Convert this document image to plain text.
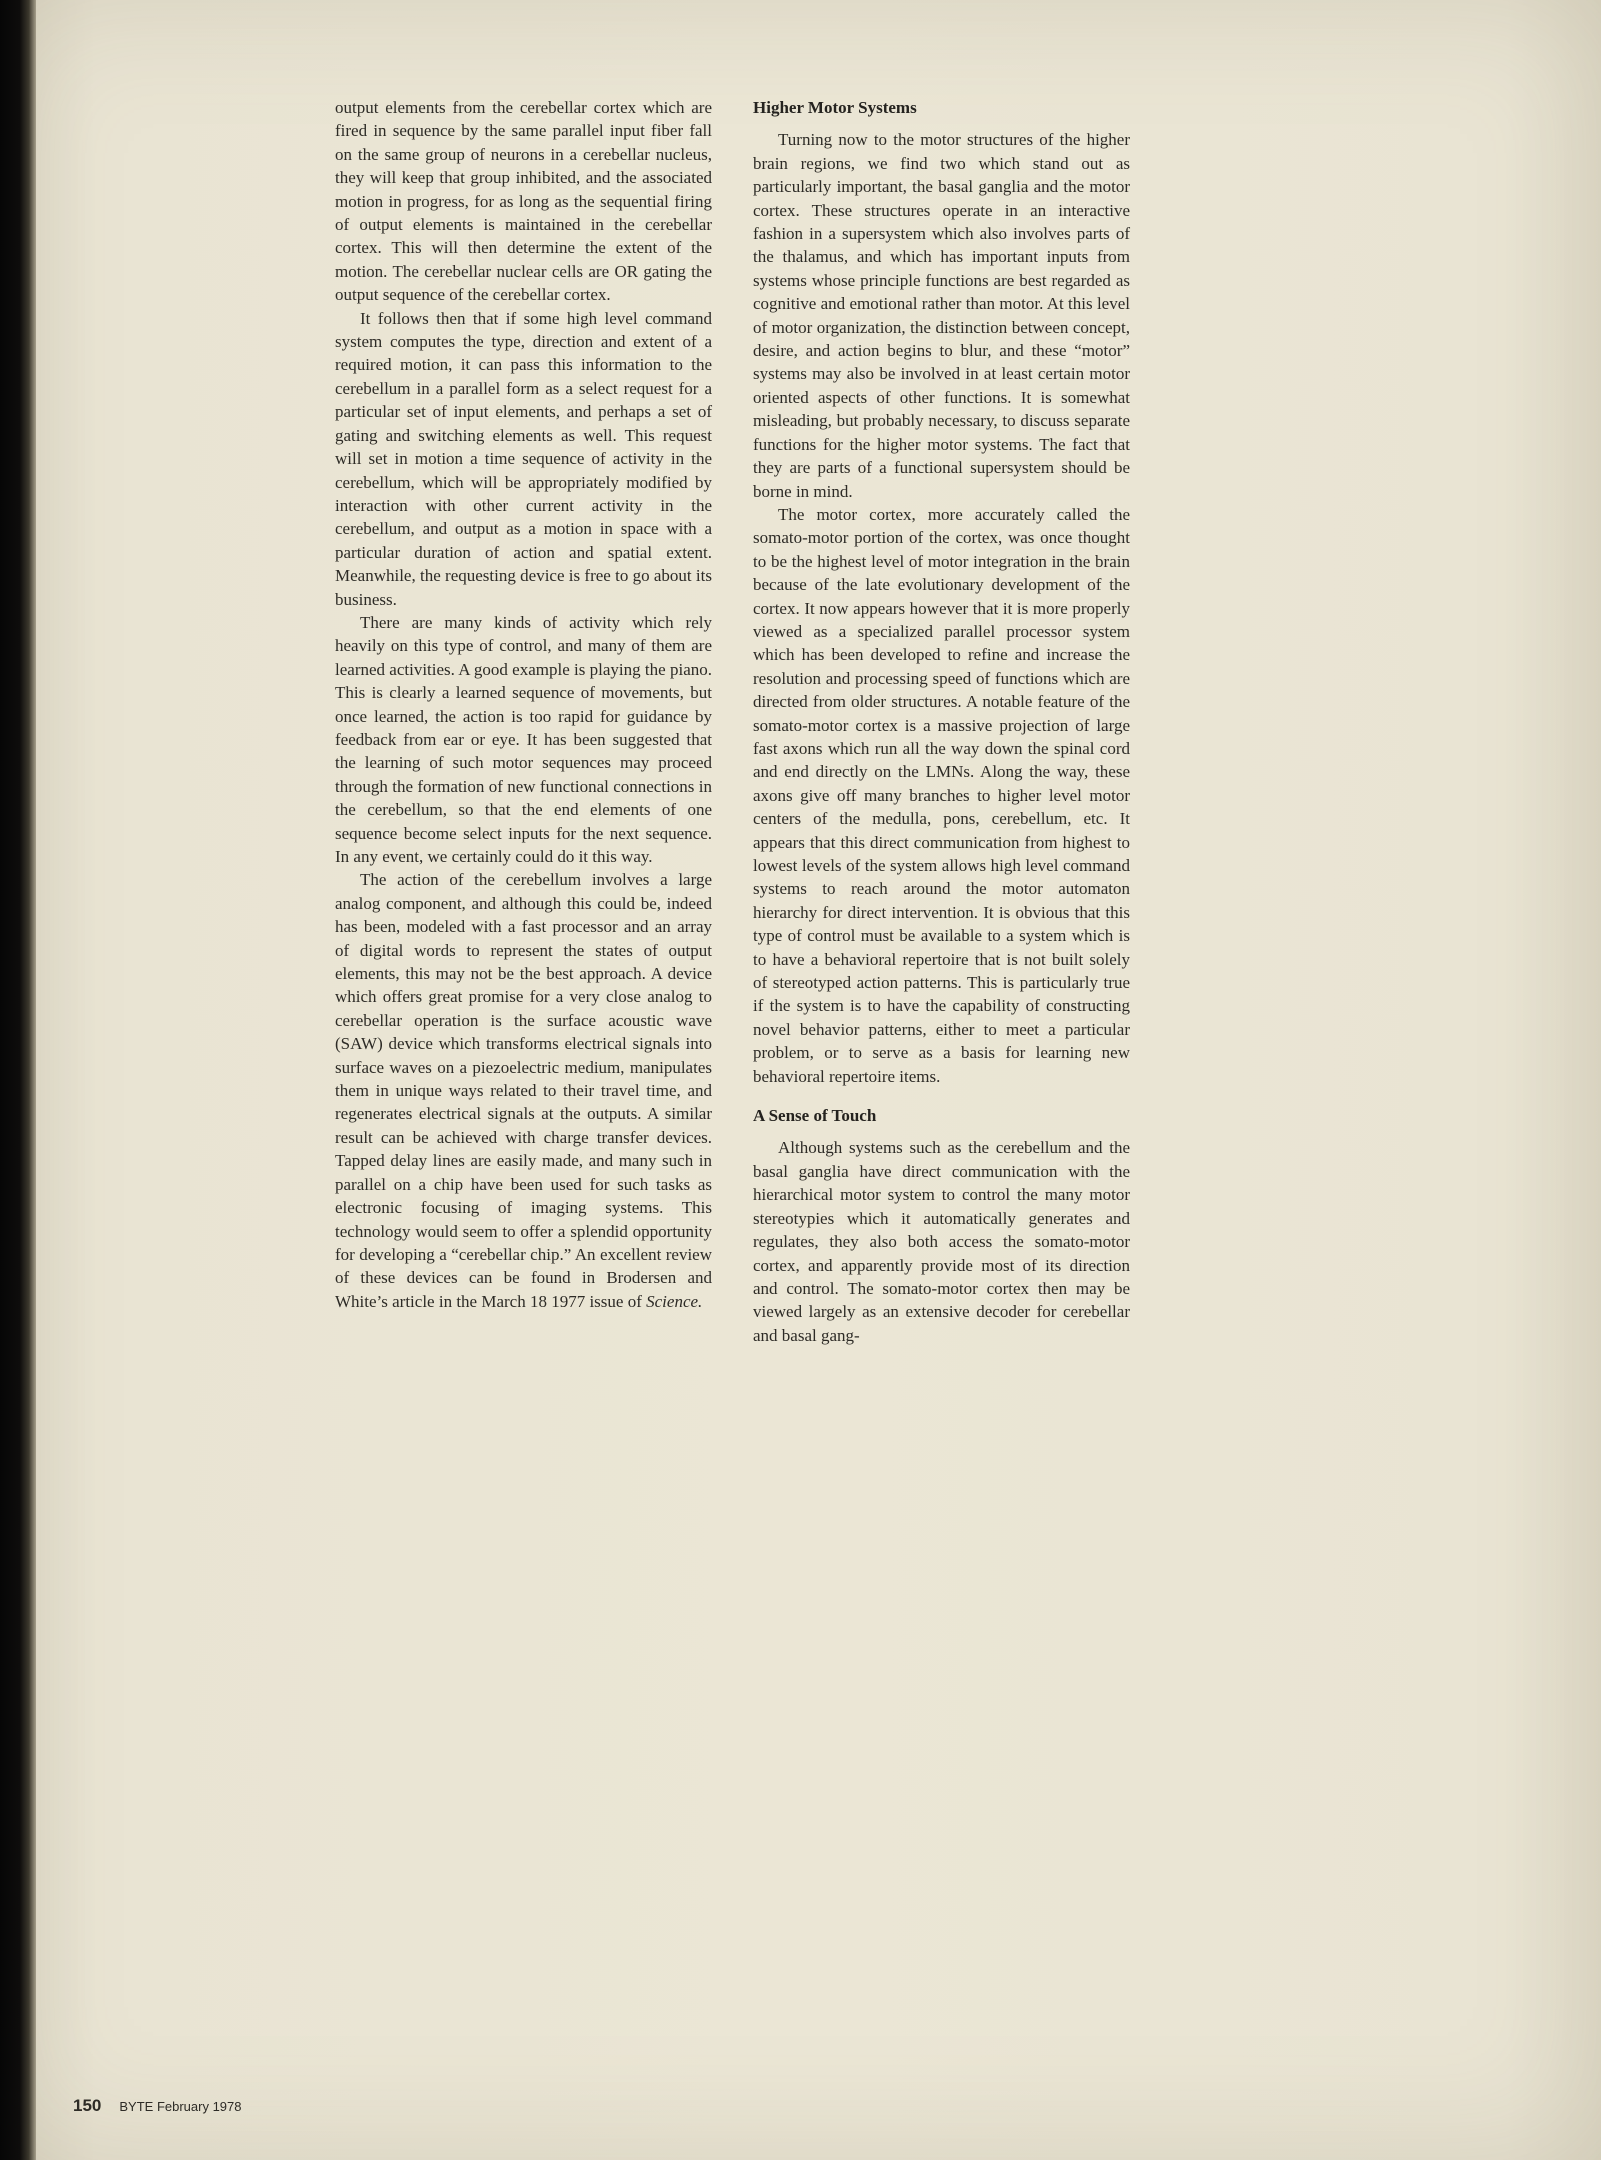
output elements from the cerebellar cortex which are fired in sequence by the same parallel input fiber fall on the same group of neurons in a cerebellar nucleus, they will keep that group inhibited, and the associated motion in progress, for as long as the sequential firing of output elements is maintained in the cerebellar cortex. This will then determine the extent of the motion. The cerebellar nuclear cells are OR gating the output sequence of the cerebellar cortex.

It follows then that if some high level command system computes the type, direction and extent of a required motion, it can pass this information to the cerebellum in a parallel form as a select request for a particular set of input elements, and perhaps a set of gating and switching elements as well. This request will set in motion a time sequence of activity in the cerebellum, which will be appropriately modified by interaction with other current activity in the cerebellum, and output as a motion in space with a particular duration of action and spatial extent. Meanwhile, the requesting device is free to go about its business.

There are many kinds of activity which rely heavily on this type of control, and many of them are learned activities. A good example is playing the piano. This is clearly a learned sequence of movements, but once learned, the action is too rapid for guidance by feedback from ear or eye. It has been suggested that the learning of such motor sequences may proceed through the formation of new functional connections in the cerebellum, so that the end elements of one sequence become select inputs for the next sequence. In any event, we certainly could do it this way.

The action of the cerebellum involves a large analog component, and although this could be, indeed has been, modeled with a fast processor and an array of digital words to represent the states of output elements, this may not be the best approach. A device which offers great promise for a very close analog to cerebellar operation is the surface acoustic wave (SAW) device which transforms electrical signals into surface waves on a piezoelectric medium, manipulates them in unique ways related to their travel time, and regenerates electrical signals at the outputs. A similar result can be achieved with charge transfer devices. Tapped delay lines are easily made, and many such in parallel on a chip have been used for such tasks as electronic focusing of imaging systems. This technology would seem to offer a splendid opportunity for developing a “cerebellar chip.” An excellent review of these devices can be found in Brodersen and White’s article in the March 18 1977 issue of Science.

Higher Motor Systems

Turning now to the motor structures of the higher brain regions, we find two which stand out as particularly important, the basal ganglia and the motor cortex. These structures operate in an interactive fashion in a supersystem which also involves parts of the thalamus, and which has important inputs from systems whose principle functions are best regarded as cognitive and emotional rather than motor. At this level of motor organization, the distinction between concept, desire, and action begins to blur, and these “motor” systems may also be involved in at least certain motor oriented aspects of other functions. It is somewhat misleading, but probably necessary, to discuss separate functions for the higher motor systems. The fact that they are parts of a functional supersystem should be borne in mind.

The motor cortex, more accurately called the somato-motor portion of the cortex, was once thought to be the highest level of motor integration in the brain because of the late evolutionary development of the cortex. It now appears however that it is more properly viewed as a specialized parallel processor system which has been developed to refine and increase the resolution and processing speed of functions which are directed from older structures. A notable feature of the somato-motor cortex is a massive projection of large fast axons which run all the way down the spinal cord and end directly on the LMNs. Along the way, these axons give off many branches to higher level motor centers of the medulla, pons, cerebellum, etc. It appears that this direct communication from highest to lowest levels of the system allows high level command systems to reach around the motor automaton hierarchy for direct intervention. It is obvious that this type of control must be available to a system which is to have a behavioral repertoire that is not built solely of stereotyped action patterns. This is particularly true if the system is to have the capability of constructing novel behavior patterns, either to meet a particular problem, or to serve as a basis for learning new behavioral repertoire items.

A Sense of Touch

Although systems such as the cerebellum and the basal ganglia have direct communication with the hierarchical motor system to control the many motor stereotypies which it automatically generates and regulates, they also both access the somato-motor cortex, and apparently provide most of its direction and control. The somato-motor cortex then may be viewed largely as an extensive decoder for cerebellar and basal gang-

150 BYTE February 1978
